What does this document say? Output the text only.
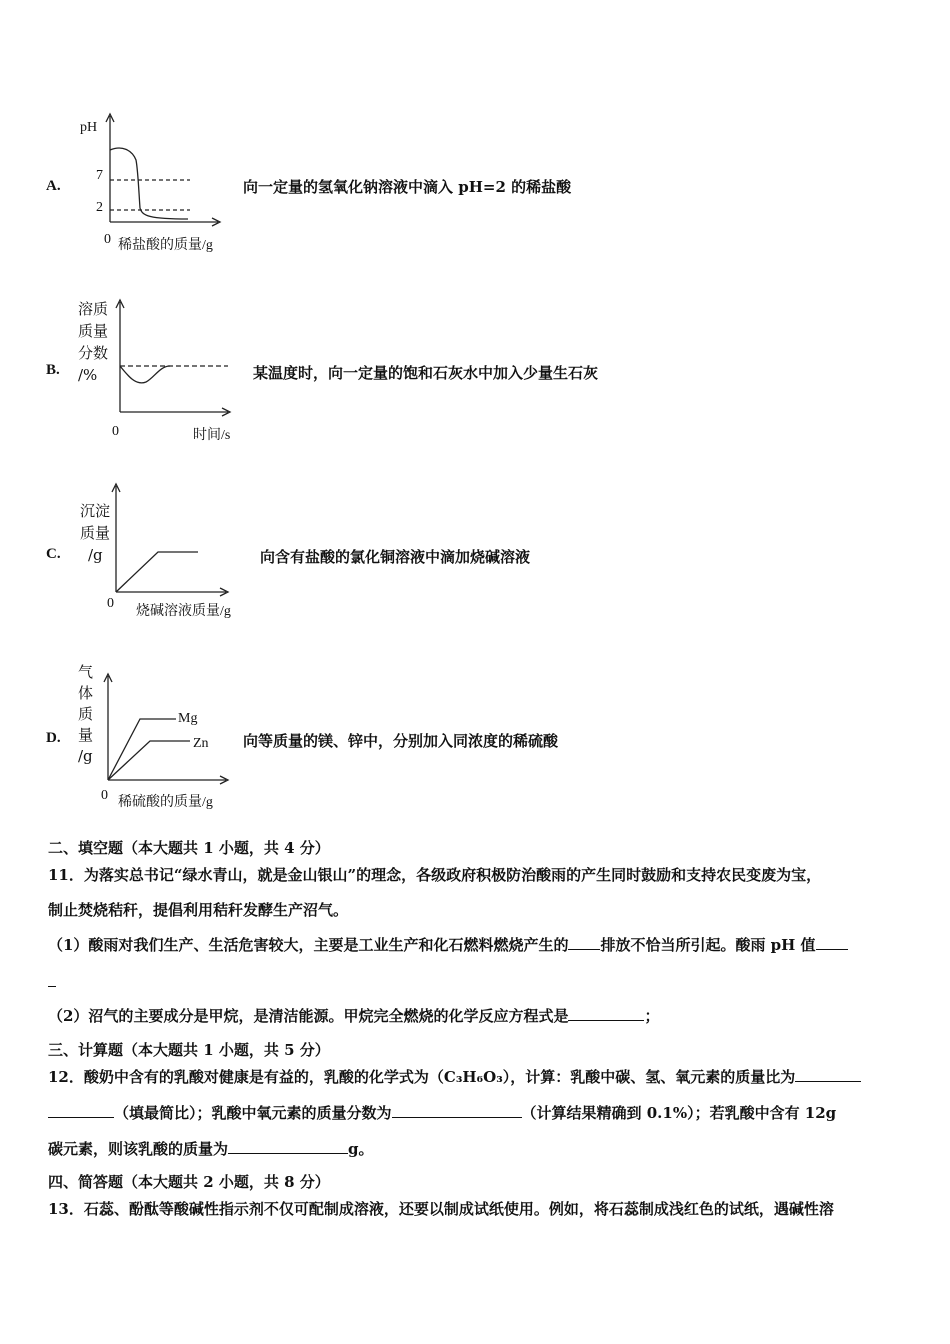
A.
pH
7
2
0 稀盐酸的质量/g
向一定量的氢氧化钠溶液中滴入 pH=2 的稀盐酸
B.
溶质
质量
分数
/%
0	时间/s
某温度时，向一定量的饱和石灰水中加入少量生石灰
C.
沉淀
质量
/g
0
烧碱溶液质量/g
向含有盐酸的氯化铜溶液中滴加烧碱溶液
D.
气
体
质
量
/g
0 稀硫酸的质量/g
Mg
Zn 向等质量的镁、锌中，分别加入同浓度的稀硫酸
二、填空题（本大题共 1 小题，共 4 分）
11．为落实总书记“绿水青山，就是金山银山”的理念，各级政府积极防治酸雨的产生同时鼓励和支持农民变废为宝，
制止焚烧秸秆，提倡利用秸秆发酵生产沼气。
（1）酸雨对我们生产、生活危害较大，主要是工业生产和化石燃料燃烧产生的 排放不恰当所引起。酸雨 pH 值
（2）沼气的主要成分是甲烷，是清洁能源。甲烷完全燃烧的化学反应方程式是	；
三、计算题（本大题共 1 小题，共 5 分）
12．酸奶中含有的乳酸对健康是有益的，乳酸的化学式为（C₃H₆O₃），计算：乳酸中碳、氢、氧元素的质量比为
（填最简比）；乳酸中氧元素的质量分数为	（计算结果精确到 0.1%）；若乳酸中含有 12g
碳元素，则该乳酸的质量为	g。
四、简答题（本大题共 2 小题，共 8 分）
13．石蕊、酚酞等酸碱性指示剂不仅可配制成溶液，还要以制成试纸使用。例如，将石蕊制成浅红色的试纸，遇碱性溶
